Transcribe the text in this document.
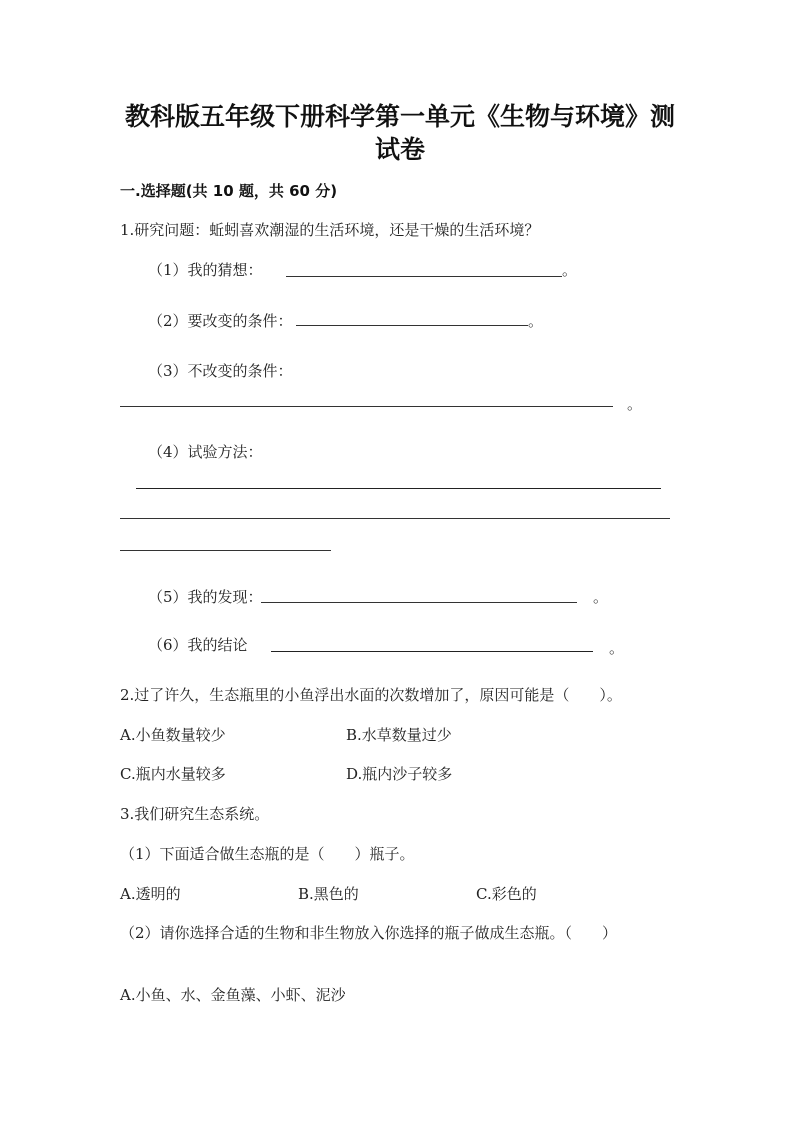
教科版五年级下册科学第一单元《生物与环境》测
试卷
一.选择题(共 10 题，共 60 分)
1.研究问题：蚯蚓喜欢潮湿的生活环境，还是干燥的生活环境？
（1）我的猜想：	。
（2）要改变的条件：	。
（3）不改变的条件：
。
（4）试验方法：
（5）我的发现：	。
（6）我的结论	。
2.过了许久，生态瓶里的小鱼浮出水面的次数增加了，原因可能是（　　）。
A.小鱼数量较少	B.水草数量过少
C.瓶内水量较多	D.瓶内沙子较多
3.我们研究生态系统。
（1）下面适合做生态瓶的是（　　）瓶子。
A.透明的	B.黑色的	C.彩色的
（2）请你选择合适的生物和非生物放入你选择的瓶子做成生态瓶。（　　）
A.小鱼、水、金鱼藻、小虾、泥沙
